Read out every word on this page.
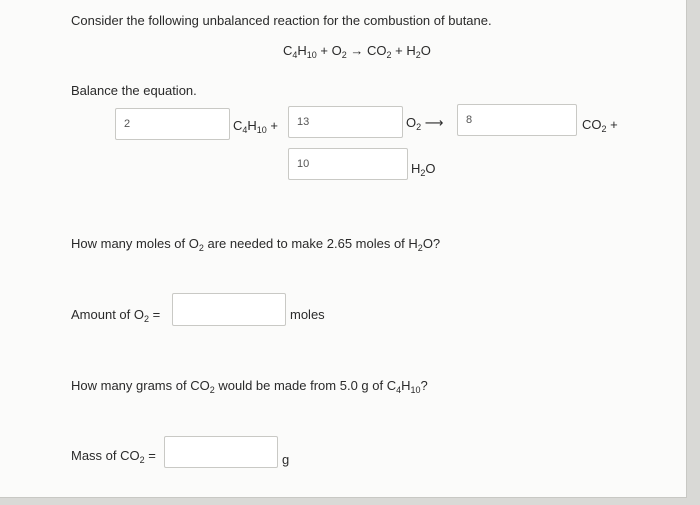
Consider the following unbalanced reaction for the combustion of butane.
$C_4H_{10} + O_2 \to CO_2 + H_2O$
Balance the equation.
2
$C_4H_{10}$ +
13	$O_2$ ⟶
8	$CO_2$ +
10
$H_2O$
How many moles of $O_2$ are needed to make 2.65 moles of $H_2O$?
Amount of $O_2$ =	moles
How many grams of $CO_2$ would be made from 5.0 g of $C_4H_{10}$?
Mass of $CO_2$ =	g
